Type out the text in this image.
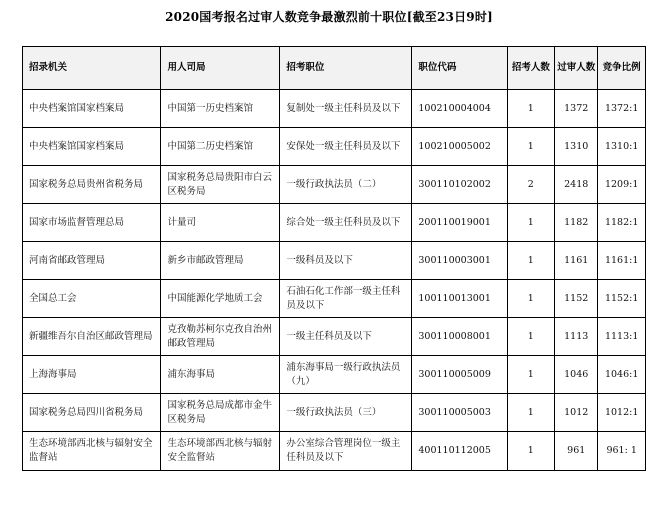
2020国考报名过审人数竞争最激烈前十职位[截至23日9时]
招录机关	用人司局	招考职位	职位代码	招考人数	过审人数	竞争比例
中央档案馆国家档案局	中国第一历史档案馆	复制处一级主任科员及以下	100210004004	1	1372	1372:1
中央档案馆国家档案局	中国第二历史档案馆	安保处一级主任科员及以下	100210005002	1	1310	1310:1
国家税务总局贵州省税务局	国家税务总局贵阳市白云区税务局	一级行政执法员（二）	300110102002	2	2418	1209:1
国家市场监督管理总局	计量司	综合处一级主任科员及以下	200110019001	1	1182	1182:1
河南省邮政管理局	新乡市邮政管理局	一级科员及以下	300110003001	1	1161	1161:1
全国总工会	中国能源化学地质工会	石油石化工作部一级主任科员及以下	100110013001	1	1152	1152:1
新疆维吾尔自治区邮政管理局	克孜勒苏柯尔克孜自治州邮政管理局	一级主任科员及以下	300110008001	1	1113	1113:1
上海海事局	浦东海事局	浦东海事局一级行政执法员（九）	300110005009	1	1046	1046:1
国家税务总局四川省税务局	国家税务总局成都市金牛区税务局	一级行政执法员（三）	300110005003	1	1012	1012:1
生态环境部西北核与辐射安全监督站	生态环境部西北核与辐射安全监督站	办公室综合管理岗位一级主任科员及以下	400110112005	1	961	961: 1
